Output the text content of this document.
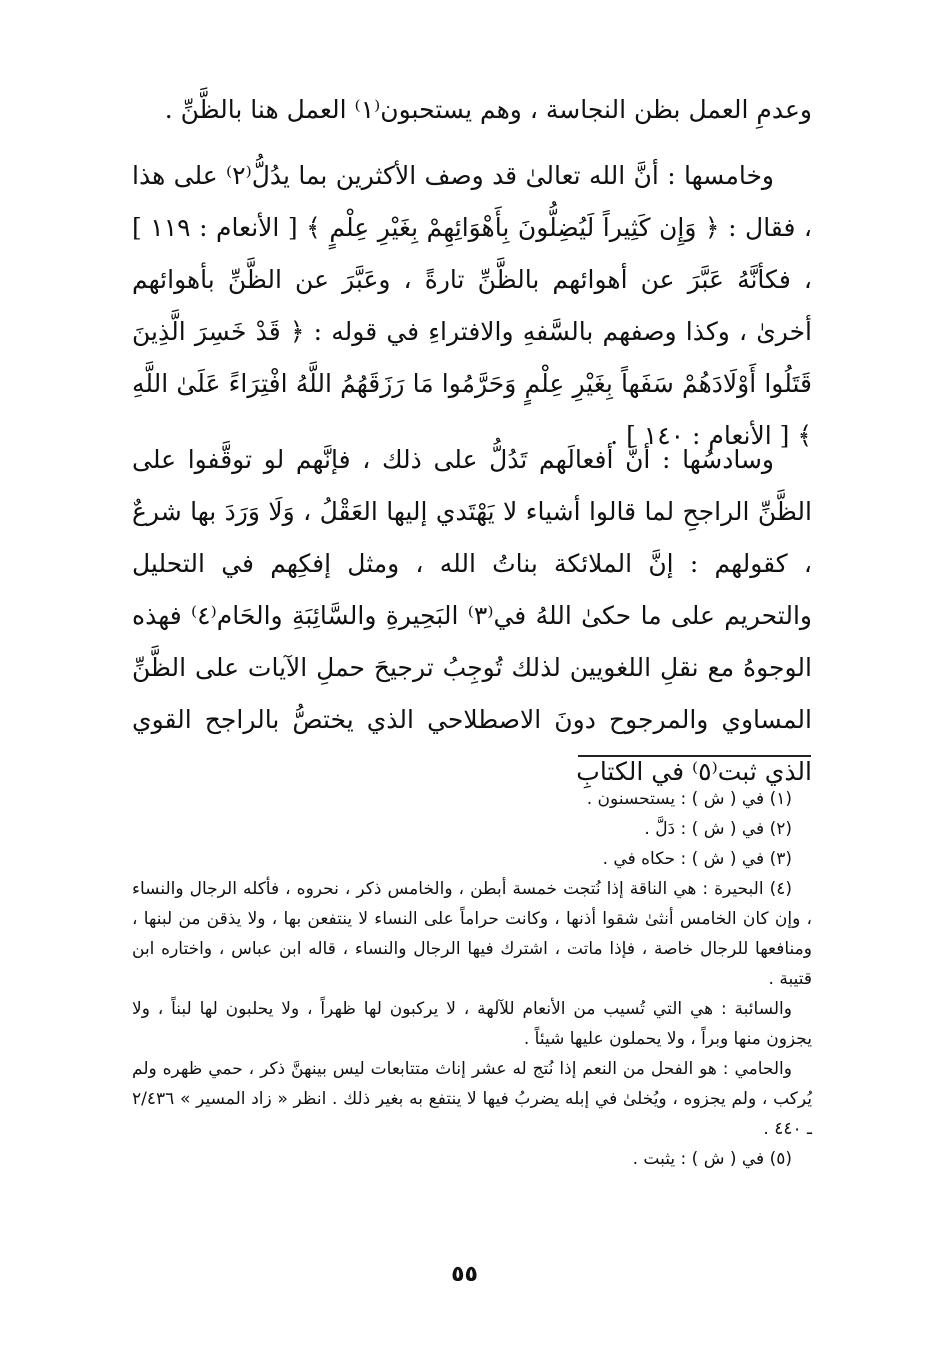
وعدمِ العمل بظن النجاسة ، وهم يستحبون⁽١⁾ العمل هنا بالظَّنِّ .

وخامسها : أنَّ الله تعالىٰ قد وصف الأكثرين بما يدُلُّ⁽٢⁾ على هذا ، فقال : ﴿ وَإِن كَثِيراً لَيُضِلُّونَ بِأَهْوَائِهِمْ بِغَيْرِ عِلْمٍ ﴾ [ الأنعام : ١١٩ ] ، فكأنَّهُ عَبَّرَ عن أهوائهم بالظَّنِّ تارةً ، وعَبَّرَ عن الظَّنِّ بأهوائهم أخرىٰ ، وكذا وصفهم بالسَّفهِ والافتراءِ في قوله : ﴿ قَدْ خَسِرَ الَّذِينَ قَتَلُوا أَوْلَادَهُمْ سَفَهاً بِغَيْرِ عِلْمٍ وَحَرَّمُوا مَا رَزَقَهُمُ اللَّهُ افْتِرَاءً عَلَىٰ اللَّهِ ﴾ [ الأنعام : ١٤٠ ] .

وسادسُها : أنَّ أفعالَهم تَدُلُّ على ذلك ، فإنَّهم لو توقَّفوا على الظَّنِّ الراجحِ لما قالوا أشياء لا يَهْتَدي إليها العَقْلُ ، وَلَا وَرَدَ بها شرعٌ ، كقولهم : إنَّ الملائكة بناتُ الله ، ومثل إفكِهم في التحليل والتحريم على ما حكىٰ اللهُ في⁽٣⁾ البَحِيرةِ والسَّائِبَةِ والحَام⁽٤⁾ فهذه الوجوهُ مع نقلِ اللغويين لذلك تُوجِبُ ترجيحَ حملِ الآيات على الظَّنِّ المساوي والمرجوح دونَ الاصطلاحي الذي يختصُّ بالراجح القوي الذي ثبت⁽٥⁾ في الكتابِ

(١) في ( ش ) : يستحسنون .

(٢) في ( ش ) : دَلَّ .

(٣) في ( ش ) : حكاه في .

(٤) البحيرة : هي الناقة إذا نُتجت خمسة أبطن ، والخامس ذكر ، نحروه ، فأكله الرجال والنساء ، وإن كان الخامس أنثىٰ شقوا أذنها ، وكانت حراماً على النساء لا ينتفعن بها ، ولا يذقن من لبنها ، ومنافعها للرجال خاصة ، فإذا ماتت ، اشترك فيها الرجال والنساء ، قاله ابن عباس ، واختاره ابن قتيبة .

والسائبة : هي التي تُسيب من الأنعام للآلهة ، لا يركبون لها ظهراً ، ولا يحلبون لها لبناً ، ولا يجزون منها وبراً ، ولا يحملون عليها شيئاً .

والحامي : هو الفحل من النعم إذا نُتج له عشر إناث متتابعات ليس بينهنَّ ذكر ، حمي ظهره ولم يُركب ، ولم يجزوه ، ويُخلىٰ في إبله يضربُ فيها لا ينتفع به بغير ذلك . انظر « زاد المسير » ٢/٤٣٦ ـ ٤٤٠ .

(٥) في ( ش ) : يثبت .

٥٥
